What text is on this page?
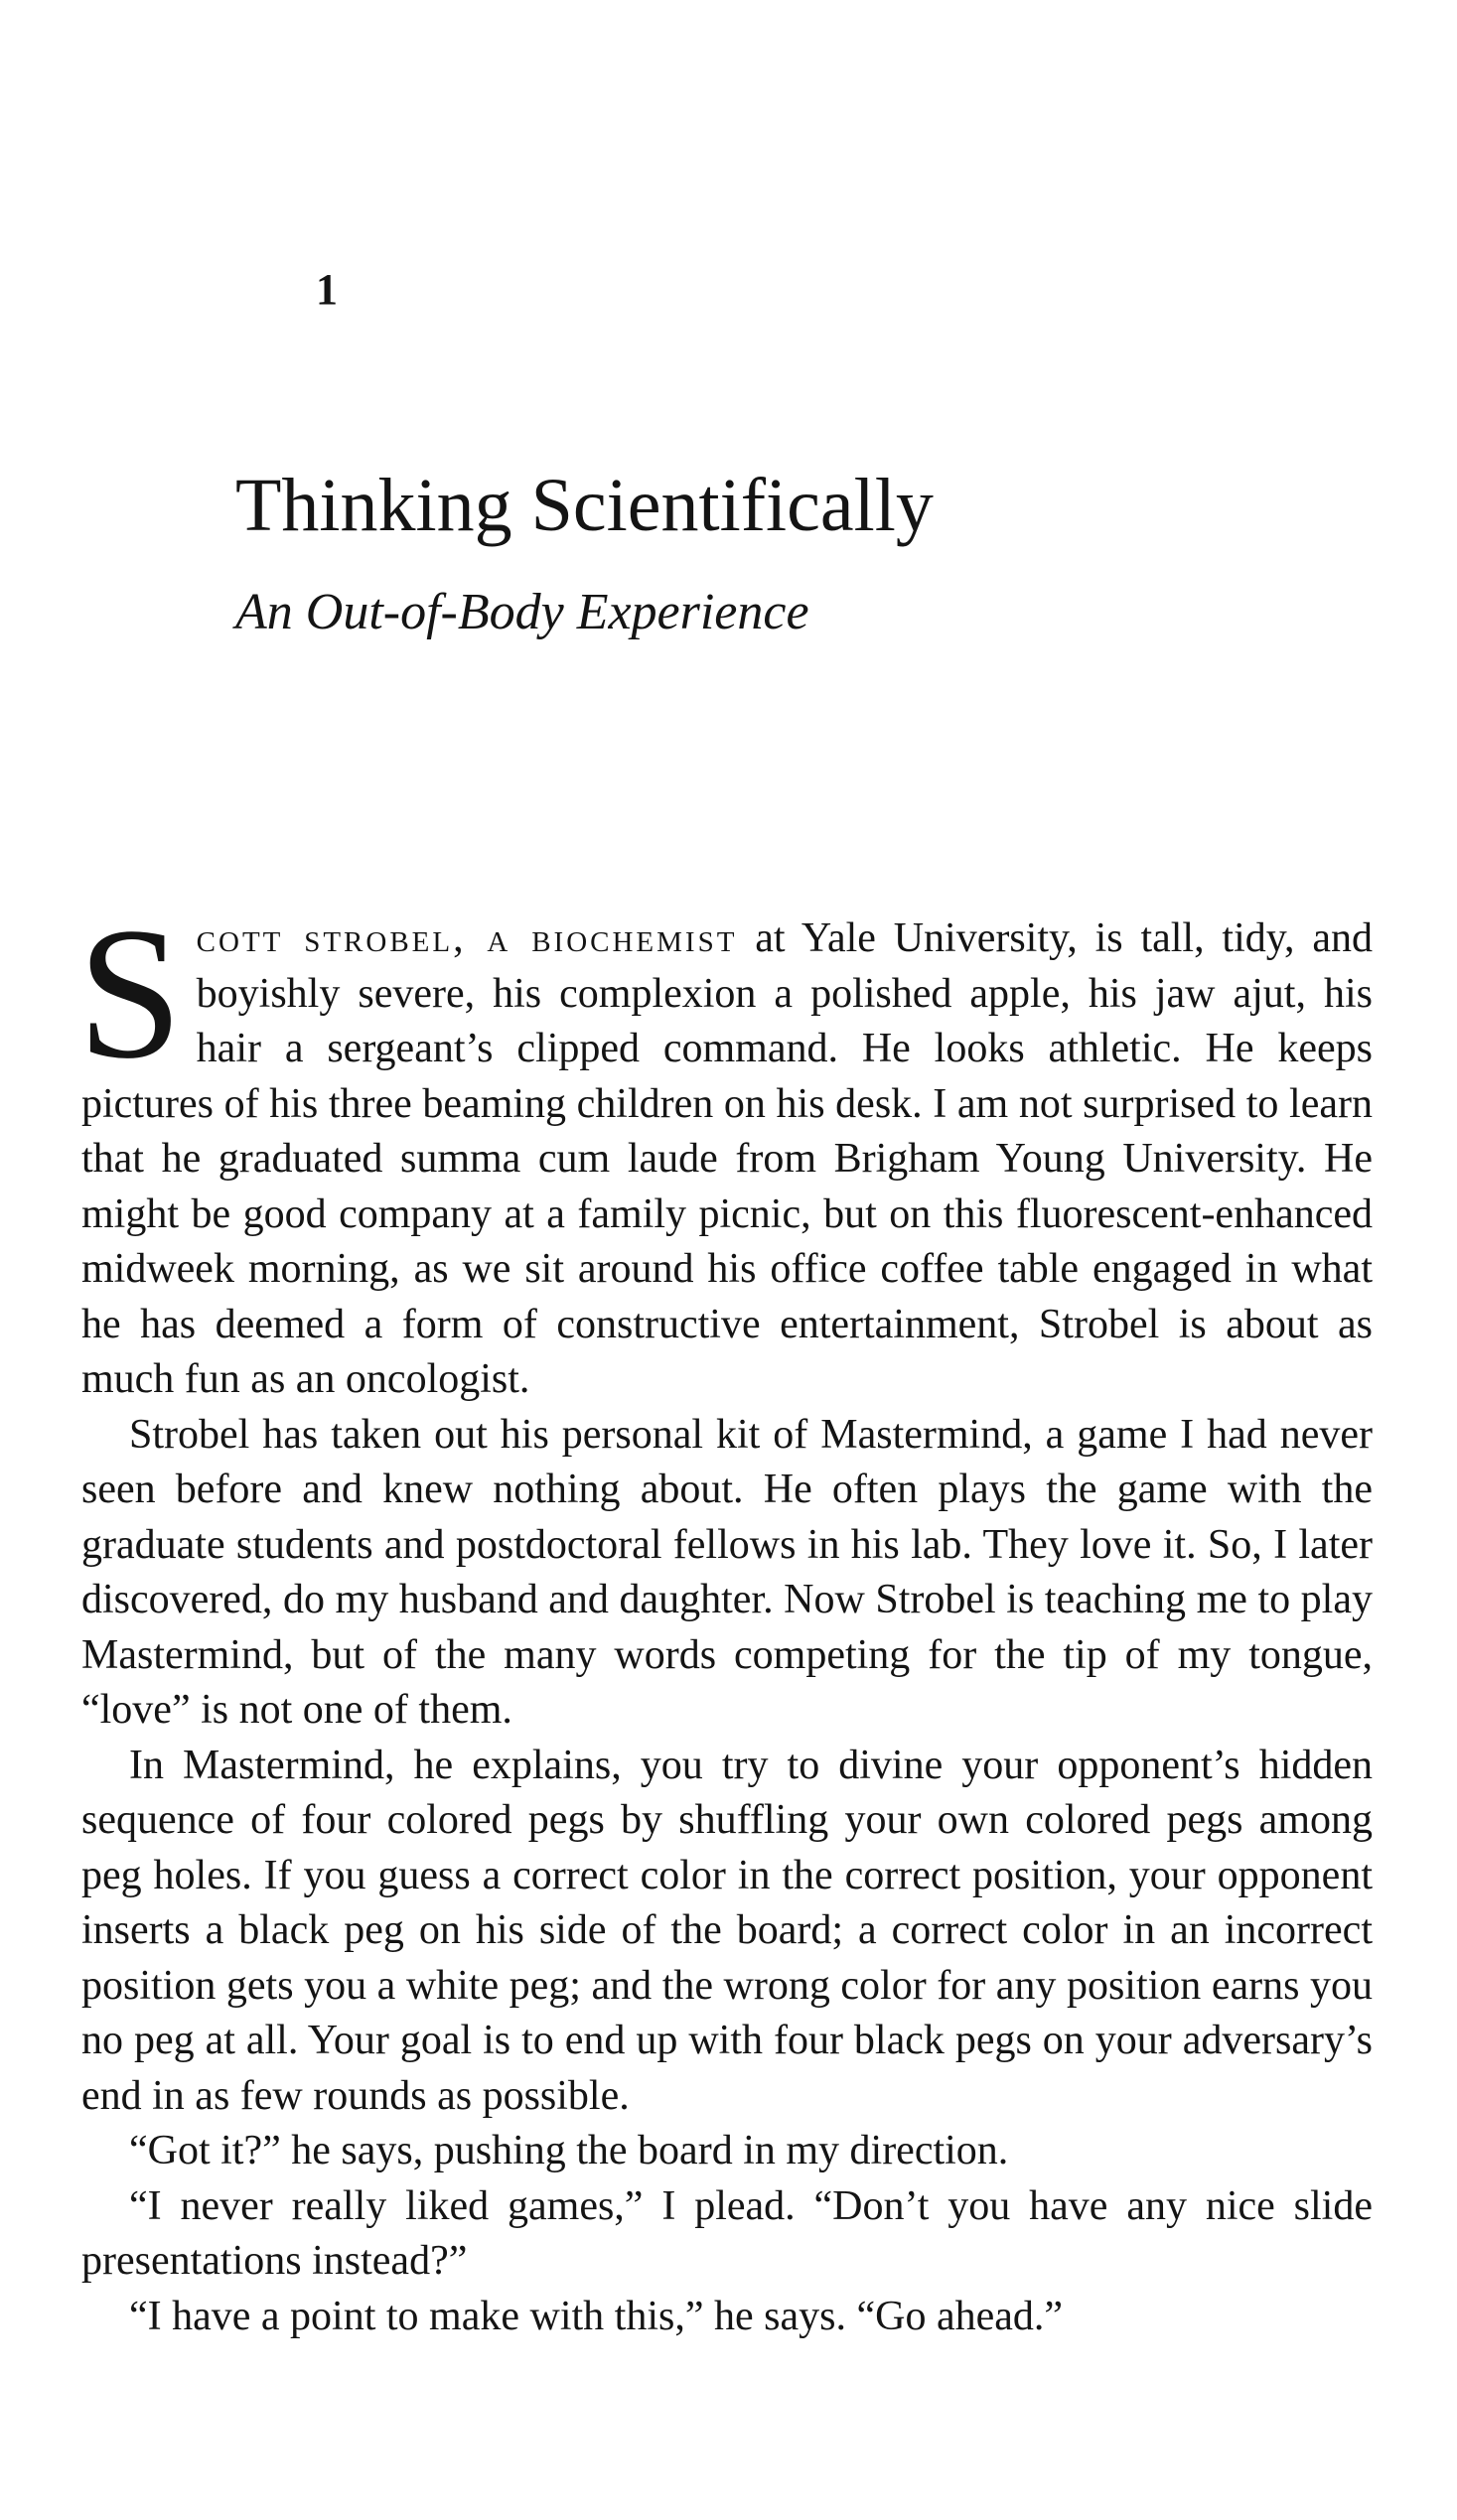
1
Thinking Scientifically
An Out-of-Body Experience

Scott strobel, a biochemist at Yale University, is tall, tidy, and boyishly severe, his complexion a polished apple, his jaw ajut, his hair a sergeant’s clipped command. He looks athletic. He keeps pictures of his three beaming children on his desk. I am not surprised to learn that he graduated summa cum laude from Brigham Young University. He might be good company at a family picnic, but on this fluorescent-enhanced midweek morning, as we sit around his office coffee table engaged in what he has deemed a form of constructive entertainment, Strobel is about as much fun as an oncologist.

Strobel has taken out his personal kit of Mastermind, a game I had never seen before and knew nothing about. He often plays the game with the graduate students and postdoctoral fellows in his lab. They love it. So, I later discovered, do my husband and daughter. Now Strobel is teaching me to play Mastermind, but of the many words competing for the tip of my tongue, “love” is not one of them.

In Mastermind, he explains, you try to divine your opponent’s hidden sequence of four colored pegs by shuffling your own colored pegs among peg holes. If you guess a correct color in the correct position, your opponent inserts a black peg on his side of the board; a correct color in an incorrect position gets you a white peg; and the wrong color for any position earns you no peg at all. Your goal is to end up with four black pegs on your adversary’s end in as few rounds as possible.

“Got it?” he says, pushing the board in my direction.

“I never really liked games,” I plead. “Don’t you have any nice slide presentations instead?”

“I have a point to make with this,” he says. “Go ahead.”
